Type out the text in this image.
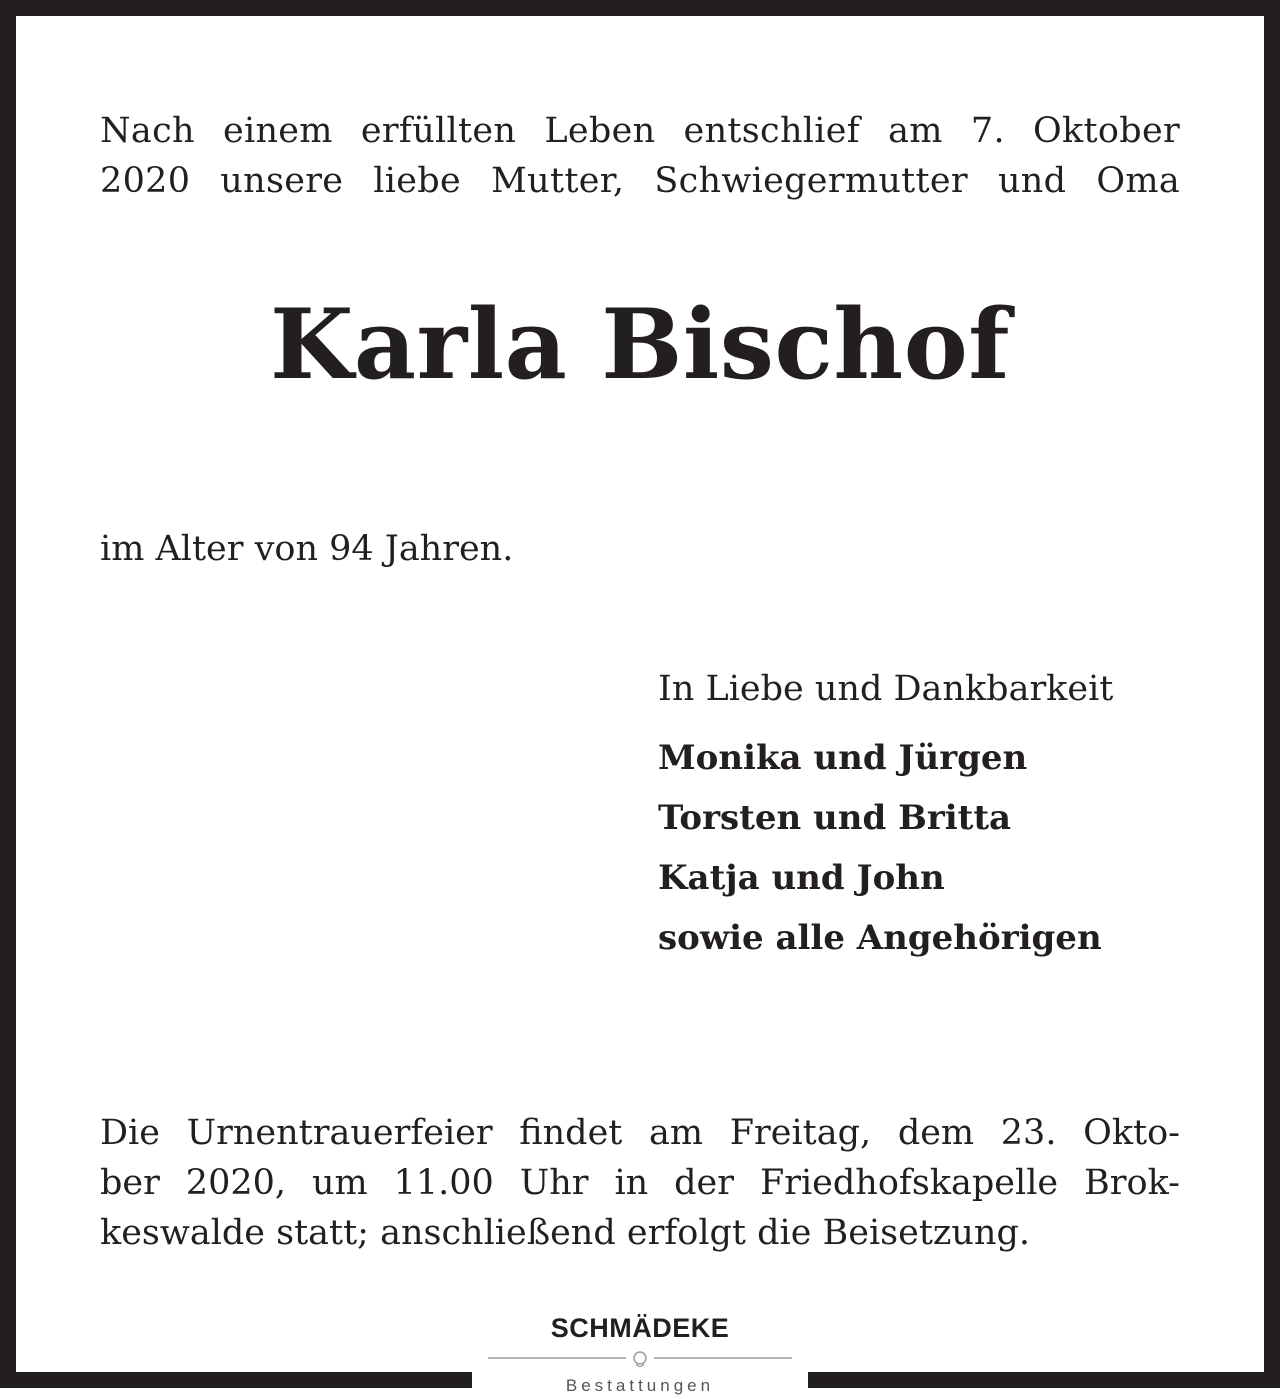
Nach einem erfüllten Leben entschlief am 7. Oktober
2020 unsere liebe Mutter, Schwiegermutter und Oma

Karla Bischof

im Alter von 94 Jahren.

In Liebe und Dankbarkeit

Monika und Jürgen
Torsten und Britta
Katja und John
sowie alle Angehörigen

Die Urnentrauerfeier findet am Freitag, dem 23. Okto-
ber 2020, um 11.00 Uhr in der Friedhofskapelle Brok-
keswalde statt; anschließend erfolgt die Beisetzung.

SCHMÄDEKE
Bestattungen
